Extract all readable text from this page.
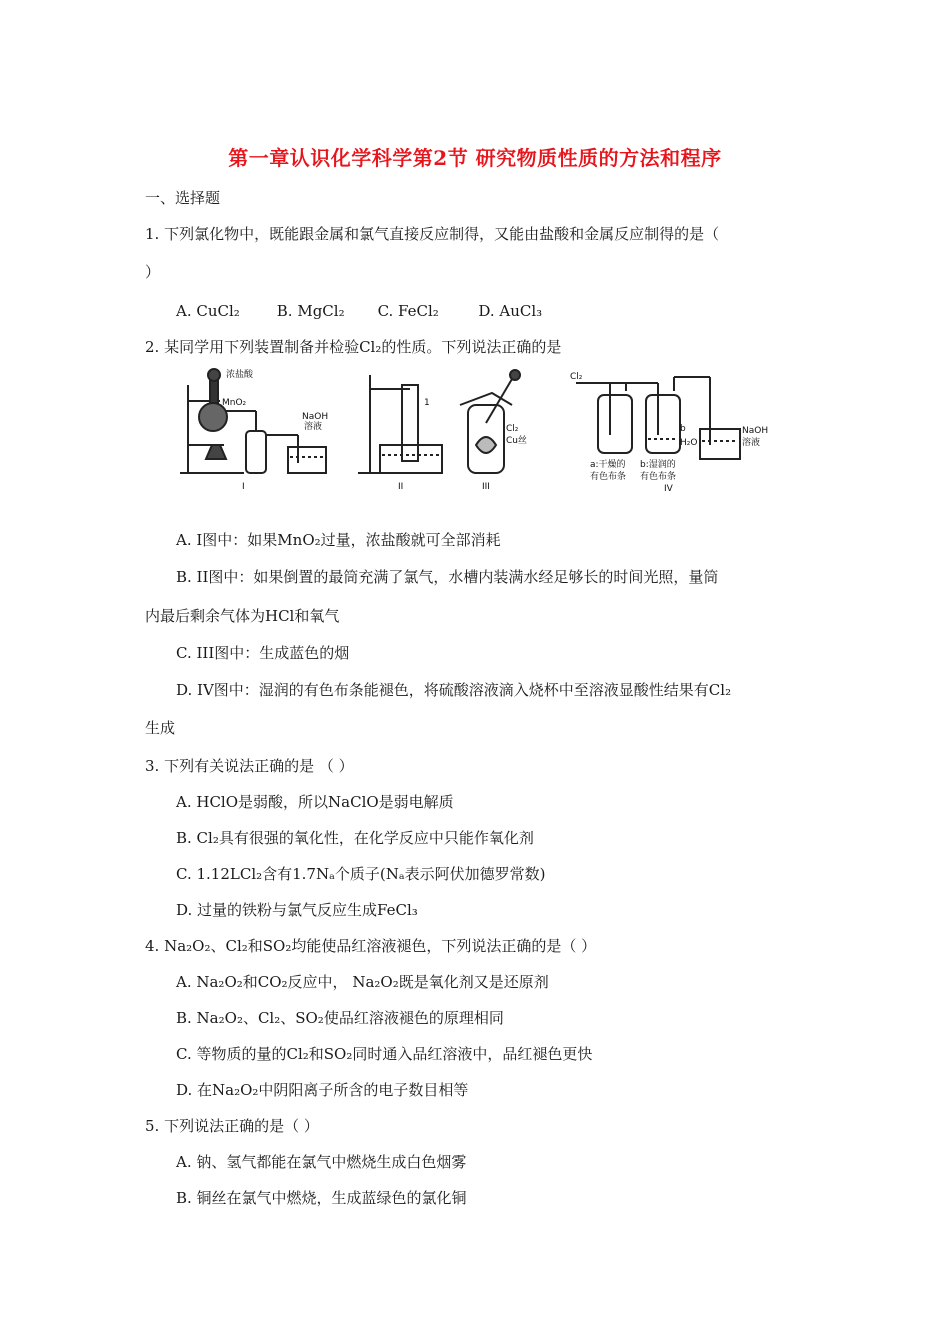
第一章认识化学科学第2节 研究物质性质的方法和程序
一、选择题
1. 下列氯化物中，既能跟金属和氯气直接反应制得，又能由盐酸和金属反应制得的是（
）
A. CuCl₂ B. MgCl₂ C. FeCl₂	D. AuCl₃
2. 某同学用下列装置制备并检验Cl₂的性质。下列说法正确的是
浓盐酸
MnO₂
NaOH
溶液
1
Cl₂
Cu丝
Cl₂
b
H₂O
NaOH
溶液
a:干燥的
有色布条
b:湿润的
有色布条
I	II	III	IV
A. I图中：如果MnO₂过量，浓盐酸就可全部消耗
B. II图中：如果倒置的最筒充满了氯气，水槽内装满水经足够长的时间光照，量筒
内最后剩余气体为HCl和氧气
C. III图中：生成蓝色的烟
D. IV图中：湿润的有色布条能褪色，将硫酸溶液滴入烧杯中至溶液显酸性结果有Cl₂
生成
3. 下列有关说法正确的是 （ ）
A. HClO是弱酸，所以NaClO是弱电解质
B. Cl₂具有很强的氧化性，在化学反应中只能作氧化剂
C. 1.12LCl₂含有1.7Nₐ个质子(Nₐ表示阿伏加德罗常数)
D. 过量的铁粉与氯气反应生成FeCl₃
4. Na₂O₂、Cl₂和SO₂均能使品红溶液褪色，下列说法正确的是（ ）
A. Na₂O₂和CO₂反应中， Na₂O₂既是氧化剂又是还原剂
B. Na₂O₂、Cl₂、SO₂使品红溶液褪色的原理相同
C. 等物质的量的Cl₂和SO₂同时通入品红溶液中，品红褪色更快
D. 在Na₂O₂中阴阳离子所含的电子数目相等
5. 下列说法正确的是（ ）
A. 钠、氢气都能在氯气中燃烧生成白色烟雾
B. 铜丝在氯气中燃烧，生成蓝绿色的氯化铜
